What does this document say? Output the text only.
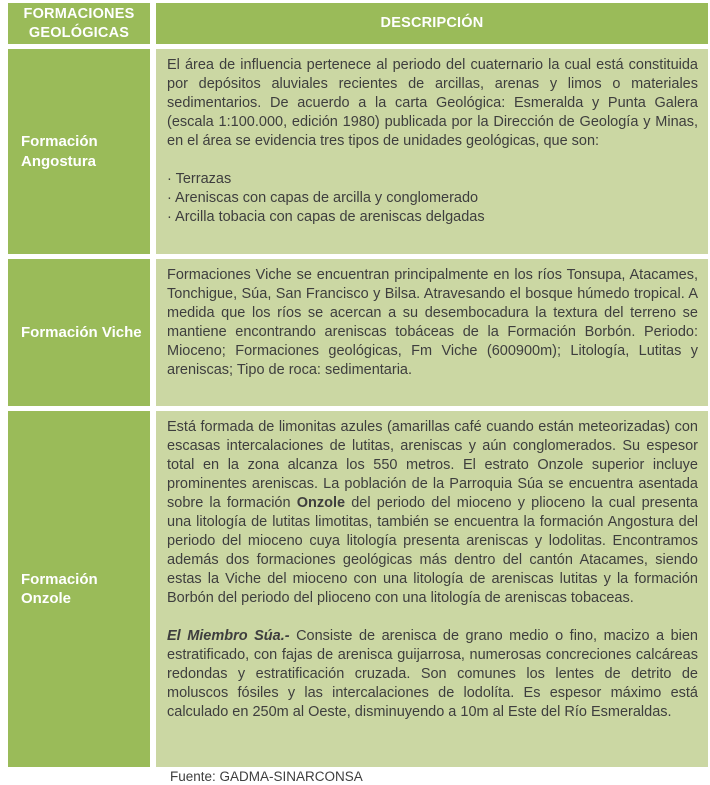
FORMACIONES GEOLÓGICAS
DESCRIPCIÓN
Formación Angostura

El área de influencia pertenece al periodo del cuaternario la cual está constituida por depósitos aluviales recientes de arcillas, arenas y limos o materiales sedimentarios. De acuerdo a la carta Geológica: Esmeralda y Punta Galera (escala 1:100.000, edición 1980) publicada por la Dirección de Geología y Minas, en el área se evidencia tres tipos de unidades geológicas, que son:

· Terrazas
· Areniscas con capas de arcilla y conglomerado
· Arcilla tobacia con capas de areniscas delgadas

Formación Viche

Formaciones Viche se encuentran principalmente en los ríos Tonsupa, Atacames, Tonchigue, Súa, San Francisco y Bilsa. Atravesando el bosque húmedo tropical. A medida que los ríos se acercan a su desembocadura la textura del terreno se mantiene encontrando areniscas tobáceas de la Formación Borbón. Periodo: Mioceno; Formaciones geológicas, Fm Viche (600900m); Litología, Lutitas y areniscas; Tipo de roca: sedimentaria.

Formación Onzole

Está formada de limonitas azules (amarillas café cuando están meteorizadas) con escasas intercalaciones de lutitas, areniscas y aún conglomerados. Su espesor total en la zona alcanza los 550 metros. El estrato Onzole superior incluye prominentes areniscas. La población de la Parroquia Súa se encuentra asentada sobre la formación Onzole del periodo del mioceno y plioceno la cual presenta una litología de lutitas limotitas, también se encuentra la formación Angostura del periodo del mioceno cuya litología presenta areniscas y lodolitas. Encontramos además dos formaciones geológicas más dentro del cantón Atacames, siendo estas la Viche del mioceno con una litología de areniscas lutitas y la formación Borbón del periodo del plioceno con una litología de areniscas tobaceas.

El Miembro Súa.- Consiste de arenisca de grano medio o fino, macizo a bien estratificado, con fajas de arenisca guijarrosa, numerosas concreciones calcáreas redondas y estratificación cruzada. Son comunes los lentes de detrito de moluscos fósiles y las intercalaciones de lodolíta. Es espesor máximo está calculado en 250m al Oeste, disminuyendo a 10m al Este del Río Esmeraldas.

Fuente: GADMA-SINARCONSA
